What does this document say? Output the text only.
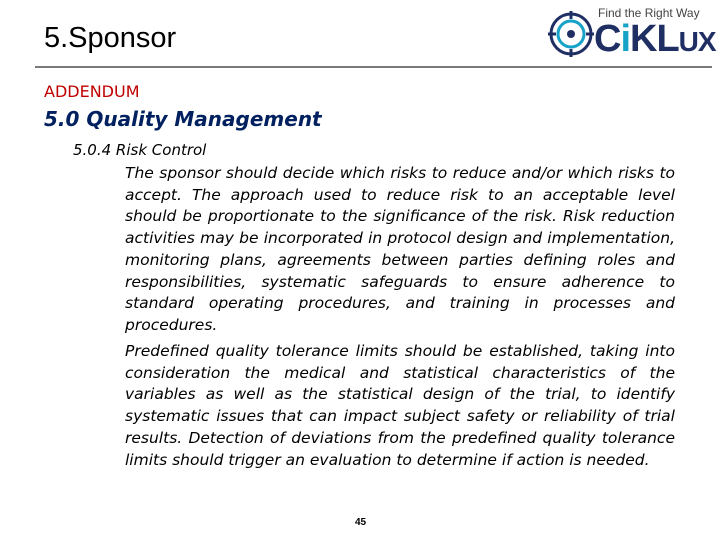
5.Sponsor
Find the Right Way
CiKLUX
ADDENDUM
5.0 Quality Management
5.0.4 Risk Control
The sponsor should decide which risks to reduce and/or which risks to accept. The approach used to reduce risk to an acceptable level should be proportionate to the significance of the risk. Risk reduction activities may be incorporated in protocol design and implementation, monitoring plans, agreements between parties defining roles and responsibilities, systematic safeguards to ensure adherence to standard operating procedures, and training in processes and procedures.
Predefined quality tolerance limits should be established, taking into consideration the medical and statistical characteristics of the variables as well as the statistical design of the trial, to identify systematic issues that can impact subject safety or reliability of trial results. Detection of deviations from the predefined quality tolerance limits should trigger an evaluation to determine if action is needed.
45
